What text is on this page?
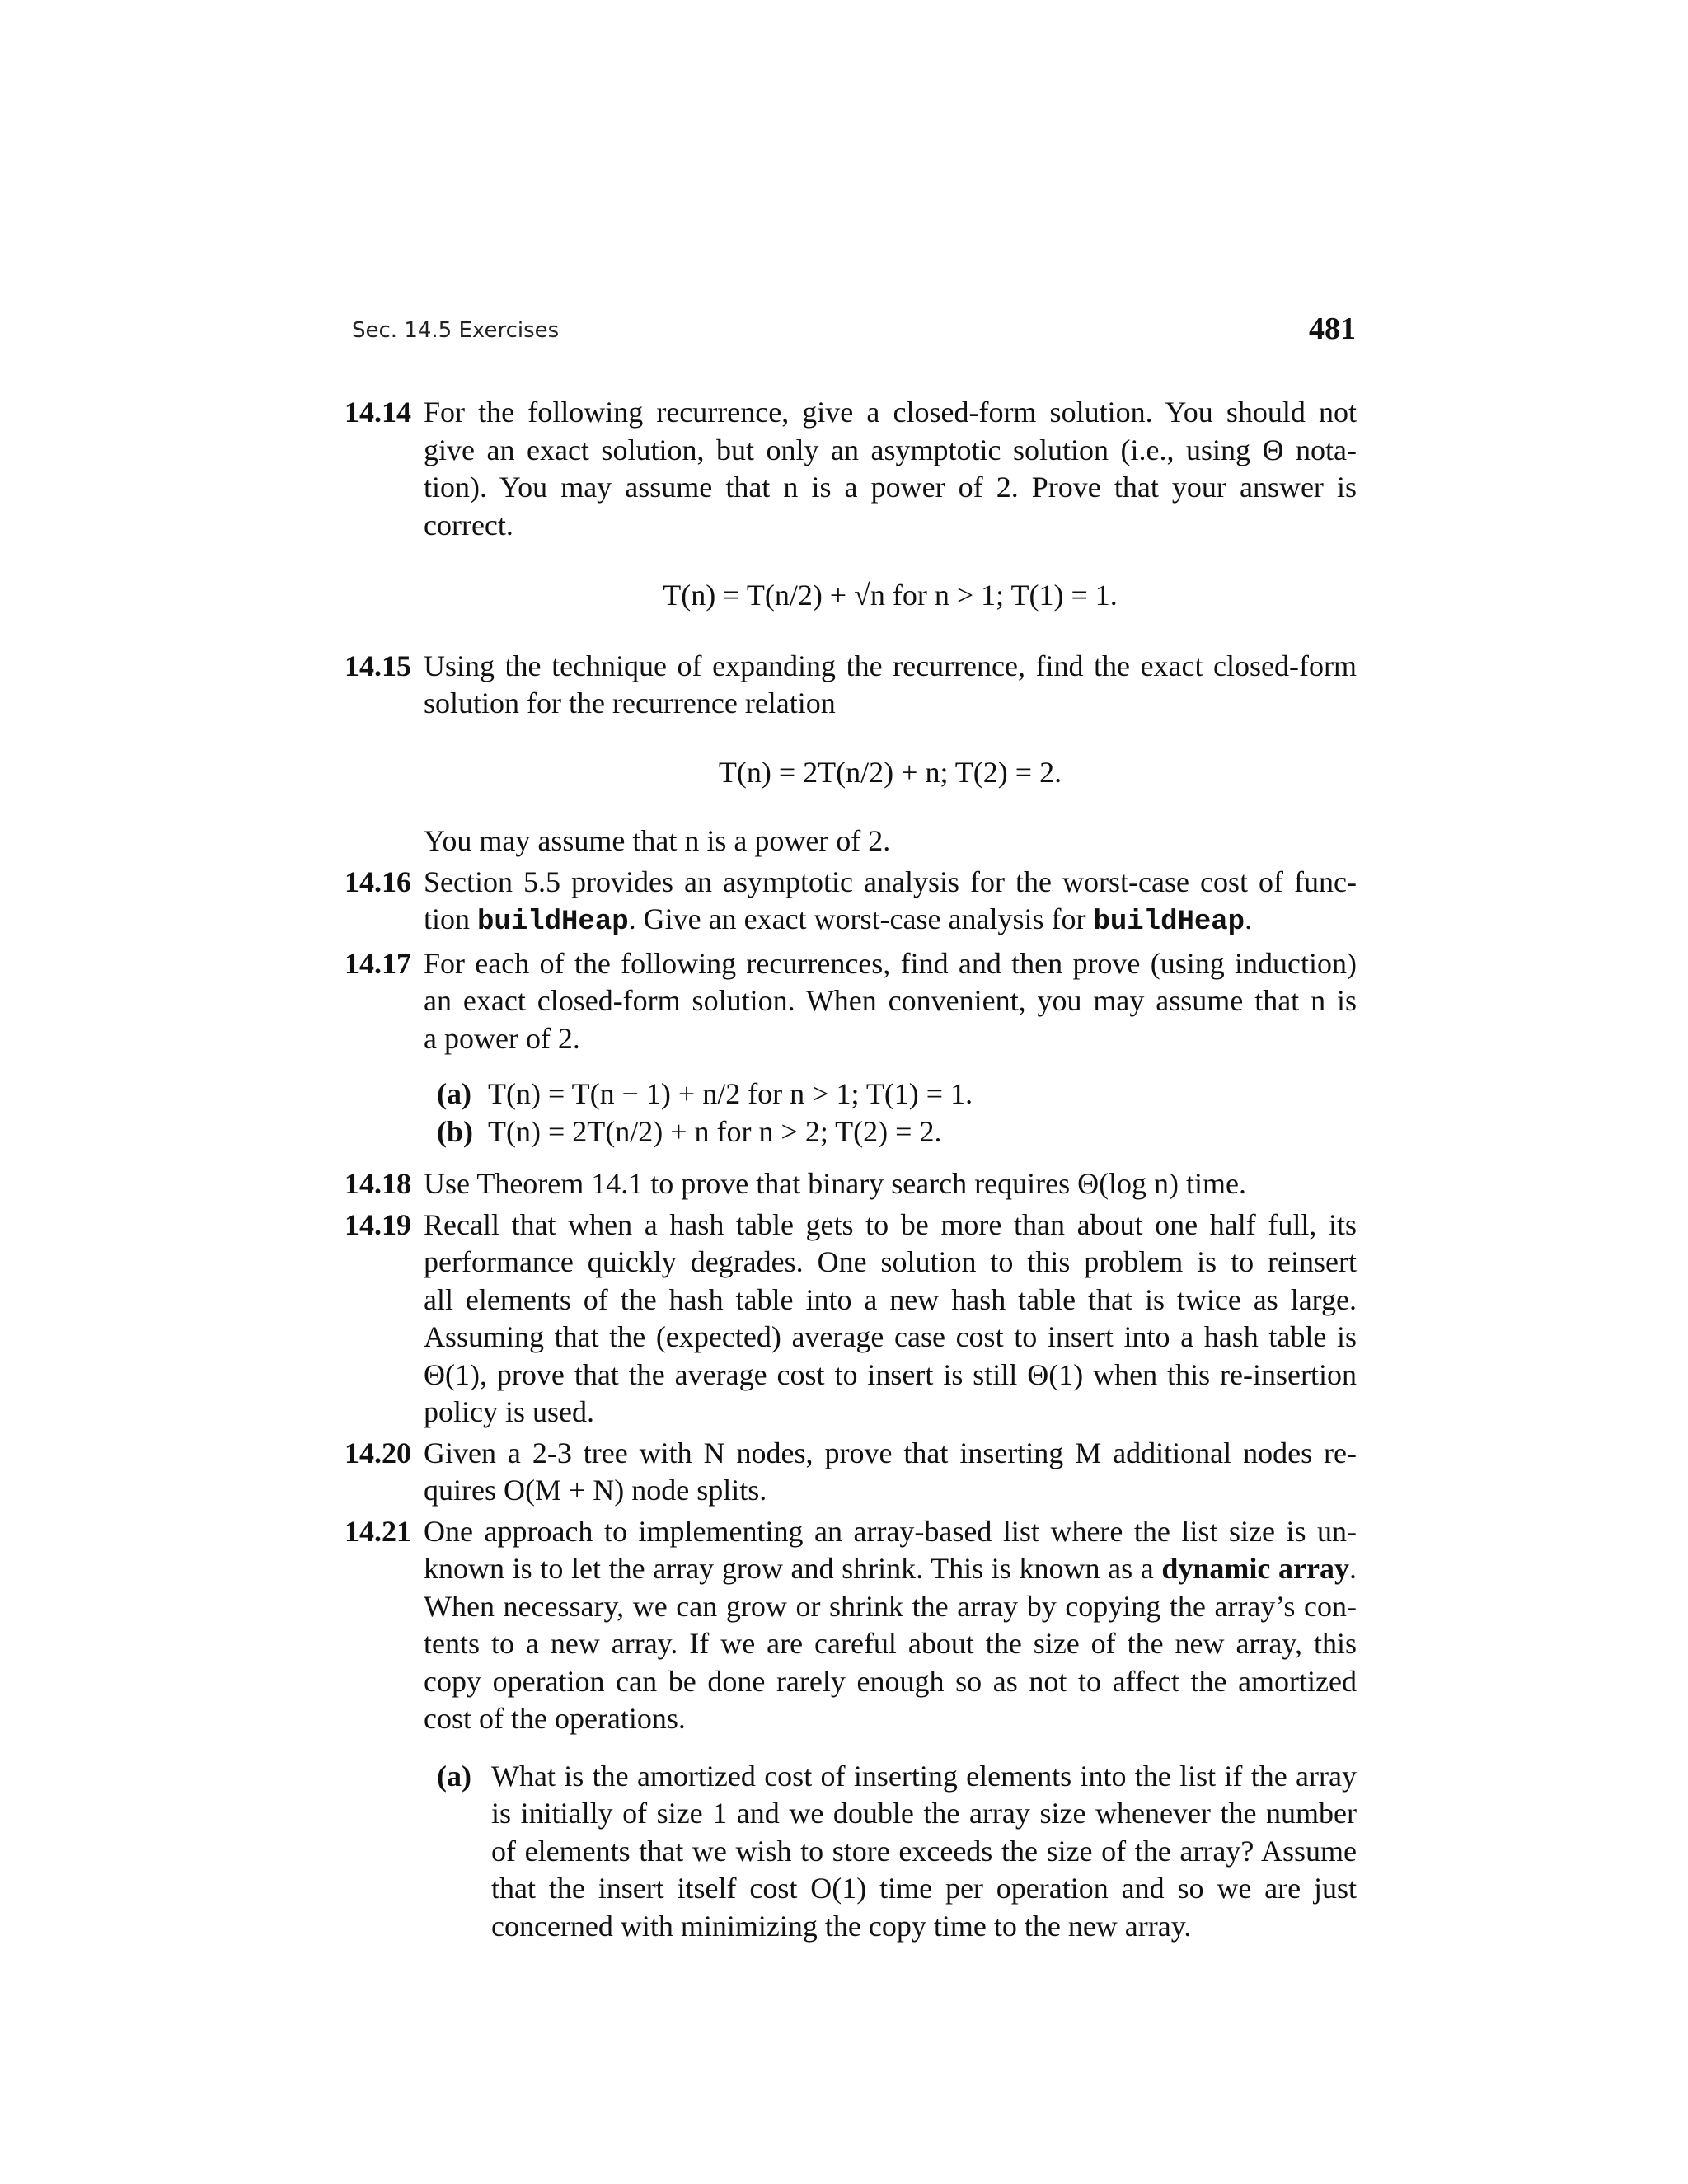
Sec. 14.5 Exercises	481
14.14 For the following recurrence, give a closed-form solution. You should not
give an exact solution, but only an asymptotic solution (i.e., using Θ nota-
tion). You may assume that n is a power of 2. Prove that your answer is
correct.
T(n) = T(n/2) + √n for n > 1; T(1) = 1.
14.15 Using the technique of expanding the recurrence, find the exact closed-form
solution for the recurrence relation
T(n) = 2T(n/2) + n; T(2) = 2.
You may assume that n is a power of 2.
14.16 Section 5.5 provides an asymptotic analysis for the worst-case cost of func-
tion buildHeap. Give an exact worst-case analysis for buildHeap.
14.17 For each of the following recurrences, find and then prove (using induction)
an exact closed-form solution. When convenient, you may assume that n is
a power of 2.
(a) T(n) = T(n − 1) + n/2 for n > 1; T(1) = 1.
(b) T(n) = 2T(n/2) + n for n > 2; T(2) = 2.
14.18 Use Theorem 14.1 to prove that binary search requires Θ(log n) time.
14.19 Recall that when a hash table gets to be more than about one half full, its
performance quickly degrades. One solution to this problem is to reinsert
all elements of the hash table into a new hash table that is twice as large.
Assuming that the (expected) average case cost to insert into a hash table is
Θ(1), prove that the average cost to insert is still Θ(1) when this re-insertion
policy is used.
14.20 Given a 2-3 tree with N nodes, prove that inserting M additional nodes re-
quires O(M + N) node splits.
14.21 One approach to implementing an array-based list where the list size is un-
known is to let the array grow and shrink. This is known as a dynamic array.
When necessary, we can grow or shrink the array by copying the array’s con-
tents to a new array. If we are careful about the size of the new array, this
copy operation can be done rarely enough so as not to affect the amortized
cost of the operations.
(a) What is the amortized cost of inserting elements into the list if the array
is initially of size 1 and we double the array size whenever the number
of elements that we wish to store exceeds the size of the array? Assume
that the insert itself cost O(1) time per operation and so we are just
concerned with minimizing the copy time to the new array.
